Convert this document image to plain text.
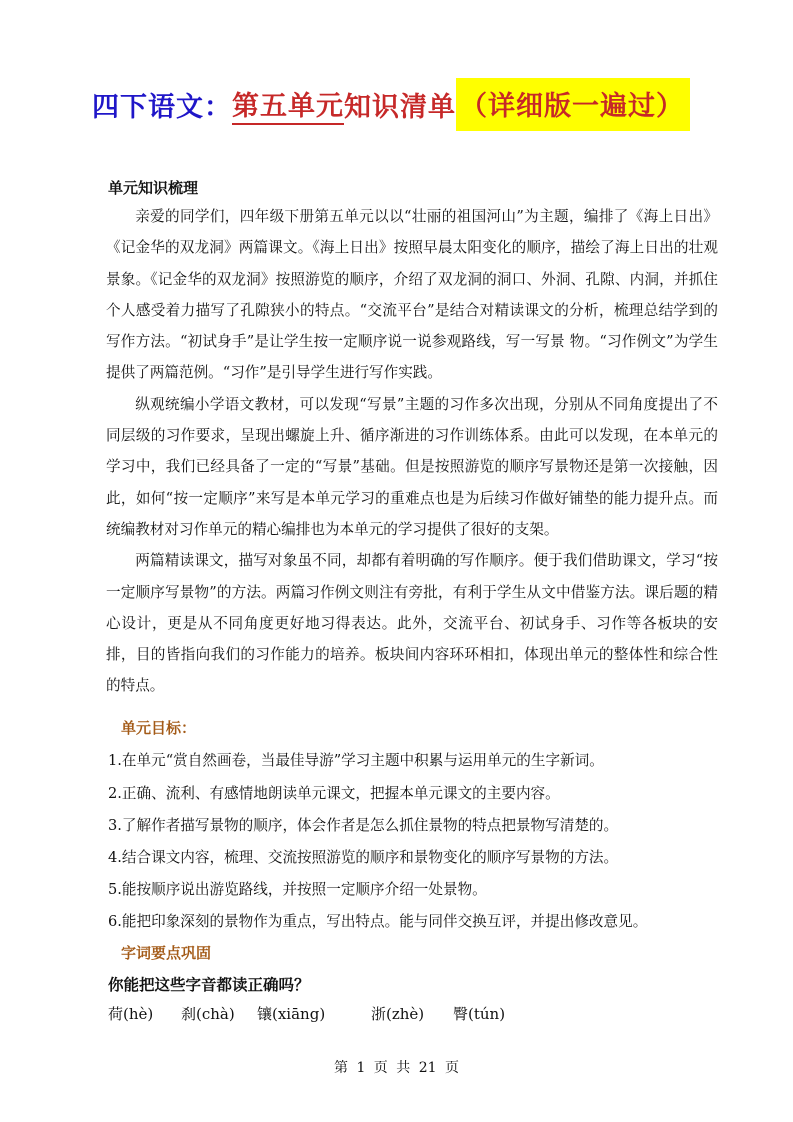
四下语文： 第五单元 知识清单 （详细版一遍过）
单元知识梳理

亲爱的同学们，四年级下册第五单元以以“壮丽的祖国河山”为主题，编排了《海上日出》《记金华的双龙洞》两篇课文。《海上日出》按照早晨太阳变化的顺序，描绘了海上日出的壮观景象。《记金华的双龙洞》按照游览的顺序，介绍了双龙洞的洞口、外洞、孔隙、内洞，并抓住个人感受着力描写了孔隙狭小的特点。“交流平台”是结合对精读课文的分析，梳理总结学到的写作方法。“初试身手”是让学生按一定顺序说一说参观路线，写一写景 物。“习作例文”为学生提供了两篇范例。“习作”是引导学生进行写作实践。

纵观统编小学语文教材，可以发现“写景”主题的习作多次出现，分别从不同角度提出了不同层级的习作要求，呈现出螺旋上升、循序渐进的习作训练体系。由此可以发现，在本单元的学习中，我们已经具备了一定的“写景”基础。但是按照游览的顺序写景物还是第一次接触，因此，如何“按一定顺序”来写是本单元学习的重难点也是为后续习作做好铺垫的能力提升点。而统编教材对习作单元的精心编排也为本单元的学习提供了很好的支架。

两篇精读课文，描写对象虽不同，却都有着明确的写作顺序。便于我们借助课文，学习“按一定顺序写景物”的方法。两篇习作例文则注有旁批，有利于学生从文中借鉴方法。课后题的精心设计，更是从不同角度更好地习得表达。此外，交流平台、初试身手、习作等各板块的安排，目的皆指向我们的习作能力的培养。板块间内容环环相扣，体现出单元的整体性和综合性的特点。

单元目标：
1.在单元“赏自然画卷，当最佳导游”学习主题中积累与运用单元的生字新词。
2.正确、流利、有感情地朗读单元课文，把握本单元课文的主要内容。
3.了解作者描写景物的顺序，体会作者是怎么抓住景物的特点把景物写清楚的。
4.结合课文内容，梳理、交流按照游览的顺序和景物变化的顺序写景物的方法。
5.能按顺序说出游览路线，并按照一定顺序介绍一处景物。
6.能把印象深刻的景物作为重点，写出特点。能与同伴交换互评，并提出修改意见。
字词要点巩固
你能把这些字音都读正确吗？
荷(hè)	刹(chà)	镶(xiāng)	浙(zhè)	臀(tún)
第 1 页 共 21 页
